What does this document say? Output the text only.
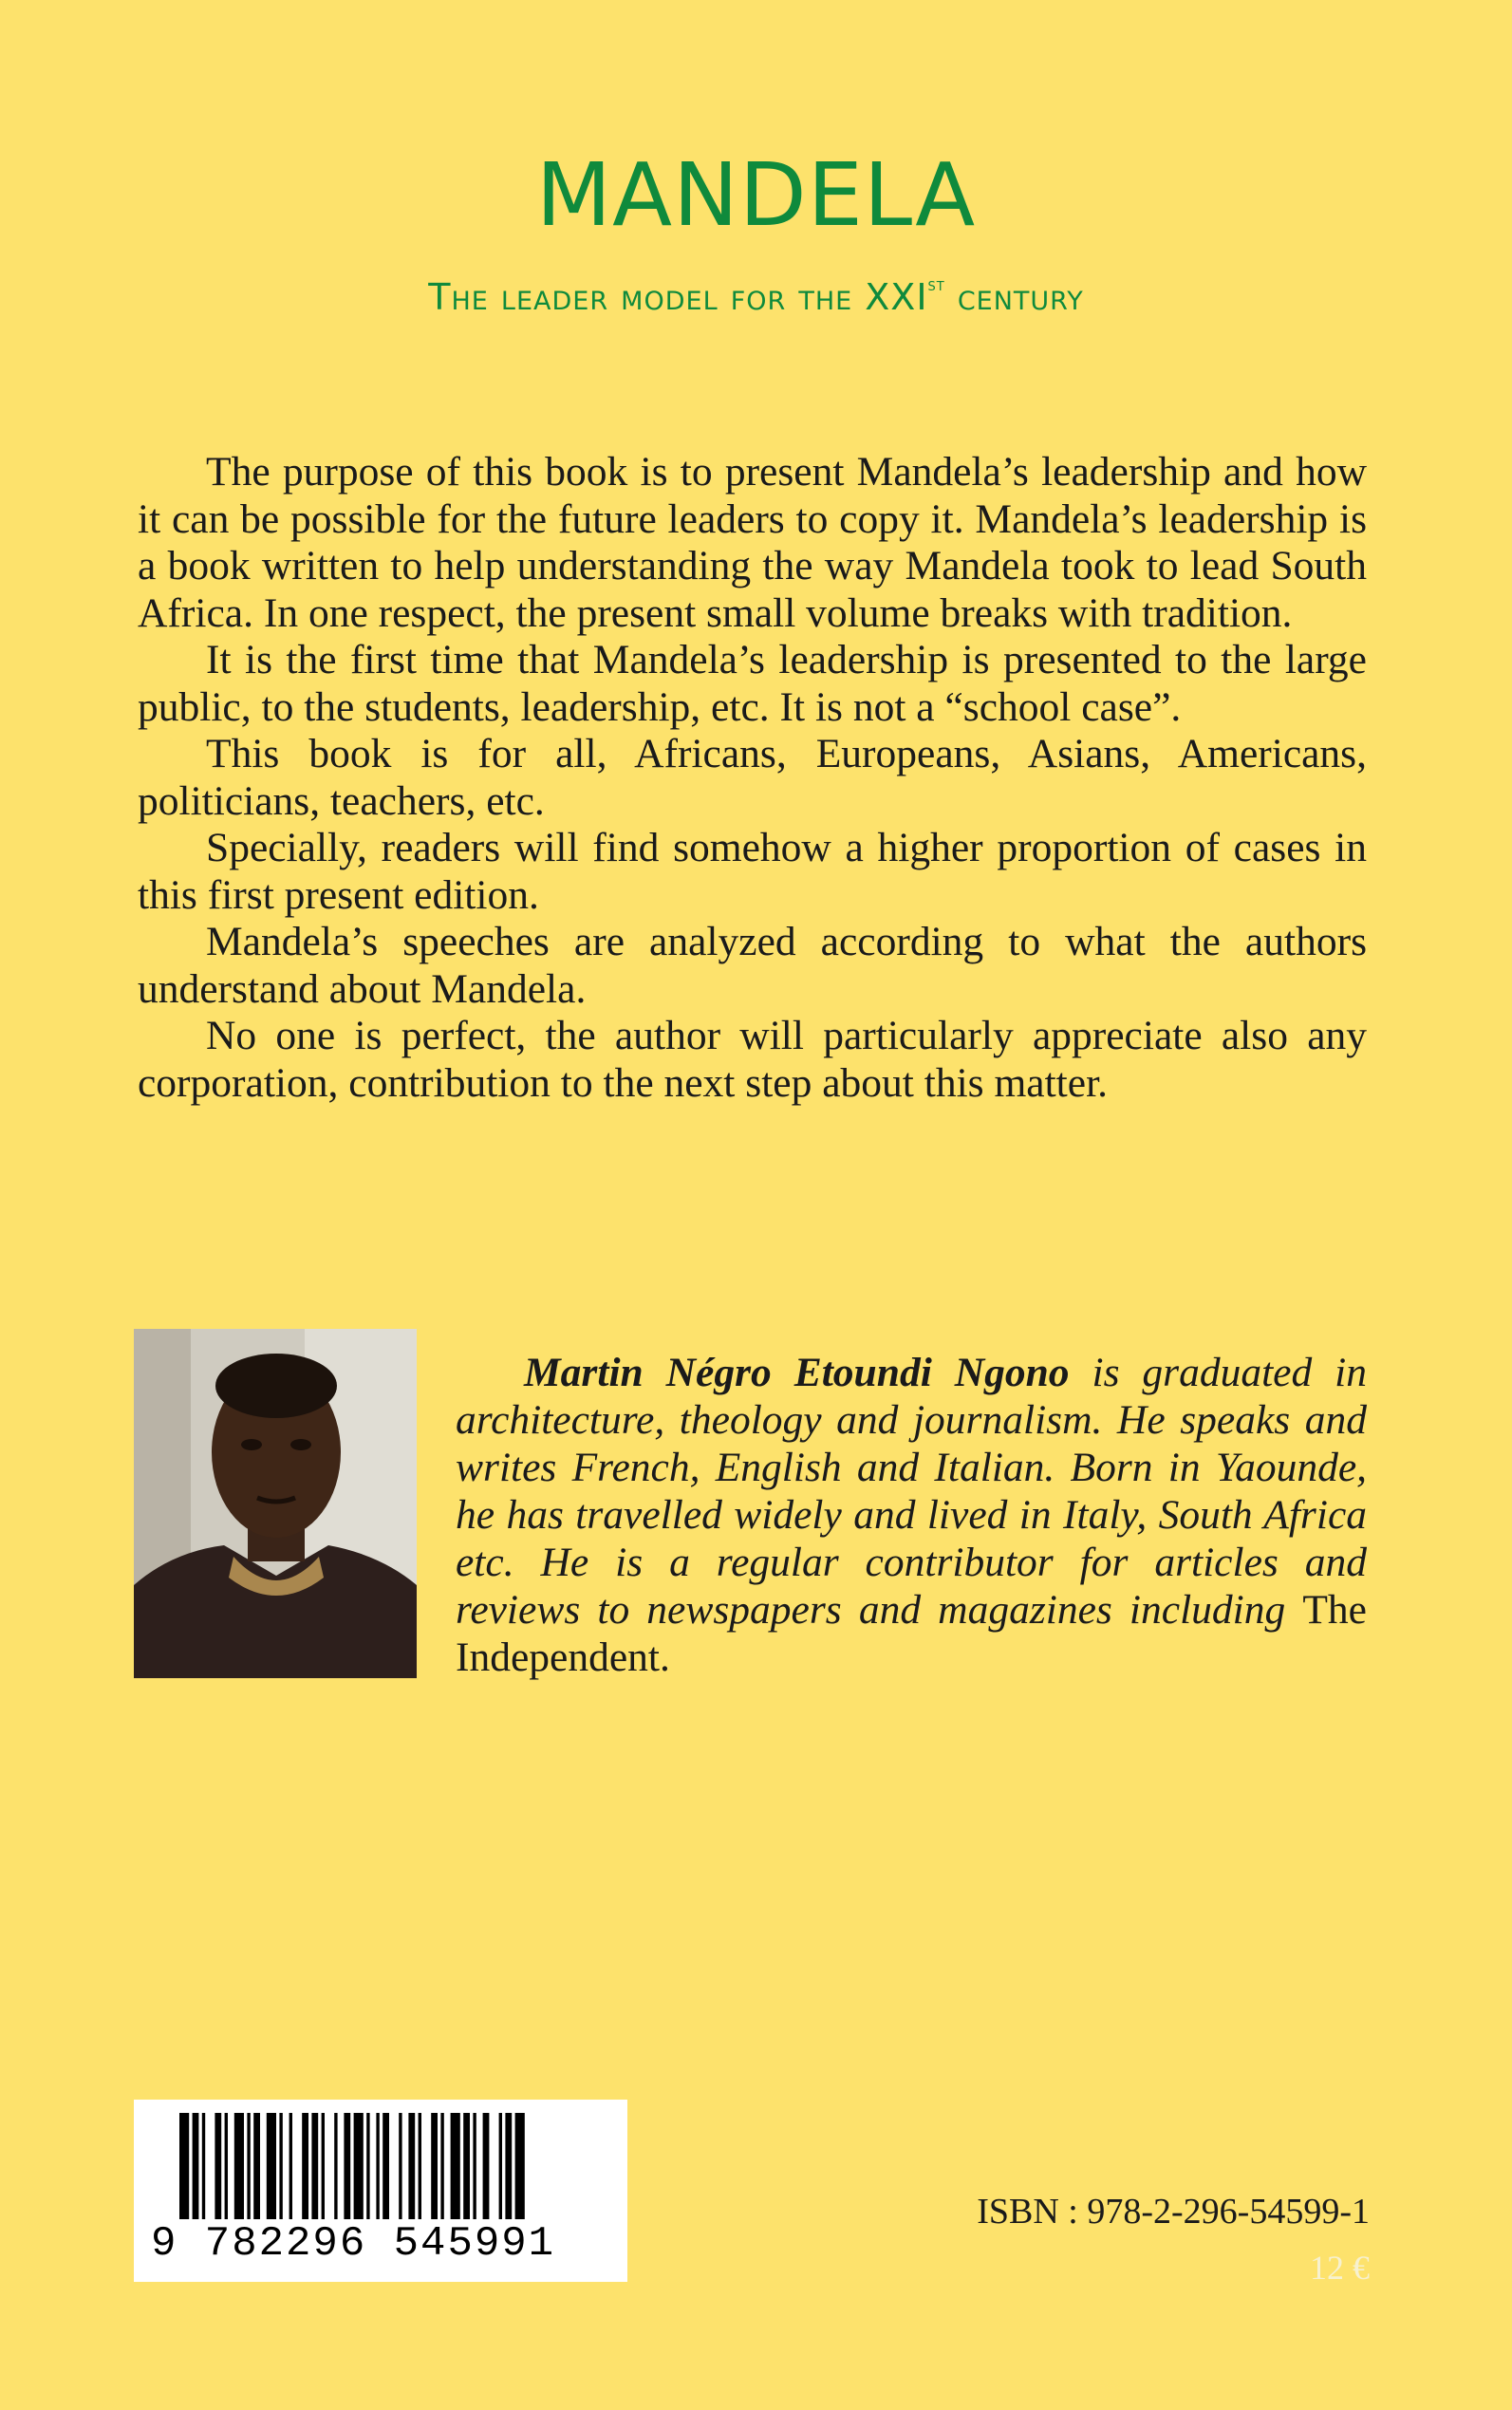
MANDELA
The leader model for the XXIst century

The purpose of this book is to present Mandela’s leadership and how it can be possible for the future leaders to copy it. Mandela’s leadership is a book written to help understanding the way Mandela took to lead South Africa. In one respect, the present small volume breaks with tradition.

It is the first time that Mandela’s leadership is presented to the large public, to the students, leadership, etc. It is not a “school case”.

This book is for all, Africans, Europeans, Asians, Americans, politicians, teachers, etc.

Specially, readers will find somehow a higher proportion of cases in this first present edition.

Mandela’s speeches are analyzed according to what the authors understand about Mandela.

No one is perfect, the author will particularly appreciate also any corporation, contribution to the next step about this matter.

Martin Négro Etoundi Ngono is graduated in architecture, theology and journalism. He speaks and writes French, English and Italian. Born in Yaounde, he has travelled widely and lived in Italy, South Africa etc. He is a regular contributor for articles and reviews to newspapers and magazines including The Independent.
9 782296 545991
ISBN : 978-2-296-54599-1
12 €
